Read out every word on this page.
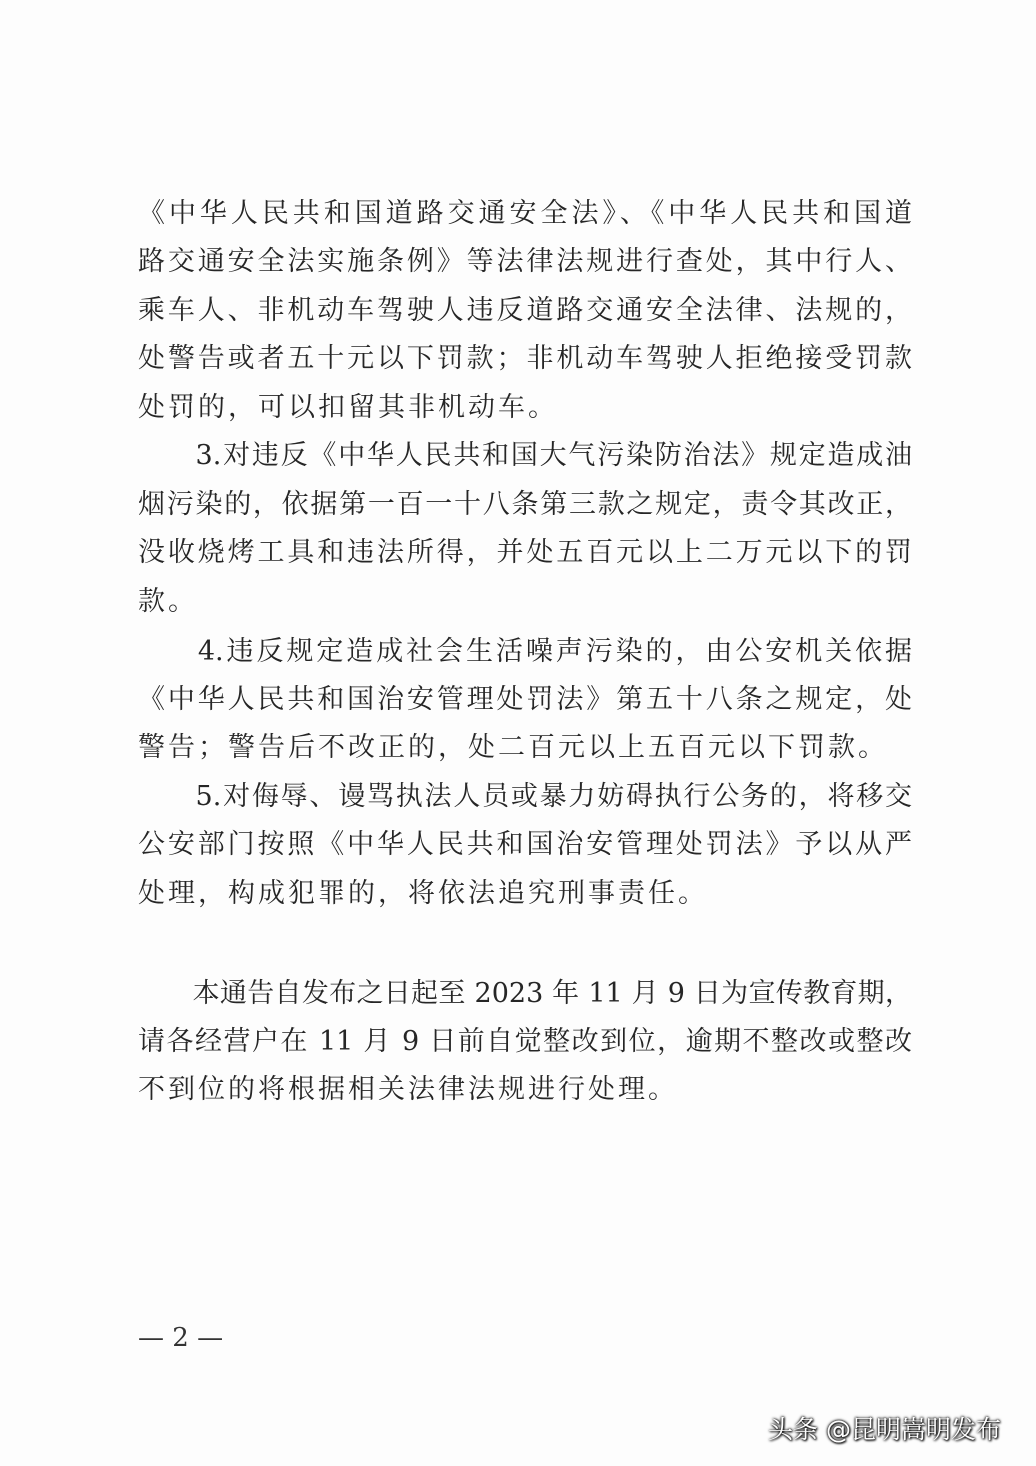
《中华人民共和国道路交通安全法》、《中华人民共和国道
路交通安全法实施条例》等法律法规进行查处，其中行人、
乘车人、非机动车驾驶人违反道路交通安全法律、法规的，
处警告或者五十元以下罚款；非机动车驾驶人拒绝接受罚款
处罚的，可以扣留其非机动车。
　　3.对违反《中华人民共和国大气污染防治法》规定造成油
烟污染的，依据第一百一十八条第三款之规定，责令其改正，
没收烧烤工具和违法所得，并处五百元以上二万元以下的罚
款。
　　4.违反规定造成社会生活噪声污染的，由公安机关依据
《中华人民共和国治安管理处罚法》第五十八条之规定，处
警告；警告后不改正的，处二百元以上五百元以下罚款。
　　5.对侮辱、谩骂执法人员或暴力妨碍执行公务的，将移交
公安部门按照《中华人民共和国治安管理处罚法》予以从严
处理，构成犯罪的，将依法追究刑事责任。
　　本通告自发布之日起至 2023 年 11 月 9 日为宣传教育期，
请各经营户在 11 月 9 日前自觉整改到位，逾期不整改或整改
不到位的将根据相关法律法规进行处理。
— 2 —
头条 @昆明嵩明发布
